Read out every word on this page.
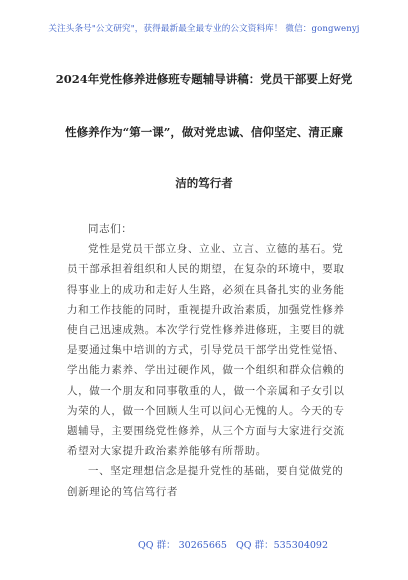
关注头条号"公文研究"，获得最新最全最专业的公文资料库！ 微信：gongwenyj
2024年党性修养进修班专题辅导讲稿：党员干部要上好党
性修养作为“第一课”，做对党忠诚、信仰坚定、清正廉
洁的笃行者

同志们：

党性是党员干部立身、立业、立言、立德的基石。党员干部承担着组织和人民的期望，在复杂的环境中，要取得事业上的成功和走好人生路，必须在具备扎实的业务能力和工作技能的同时，重视提升政治素质，加强党性修养使自己迅速成熟。本次学行党性修养进修班，主要目的就是要通过集中培训的方式，引导党员干部学出党性觉悟、学出能力素养、学出过硬作风，做一个组织和群众信赖的人，做一个朋友和同事敬重的人，做一个亲属和子女引以为荣的人，做一个回顾人生可以问心无愧的人。今天的专题辅导，主要围绕党性修养，从三个方面与大家进行交流希望对大家提升政治素养能够有所帮助。

一、坚定理想信念是提升党性的基础，要自觉做党的创新理论的笃信笃行者

QQ 群： 30265665 QQ 群：535304092
